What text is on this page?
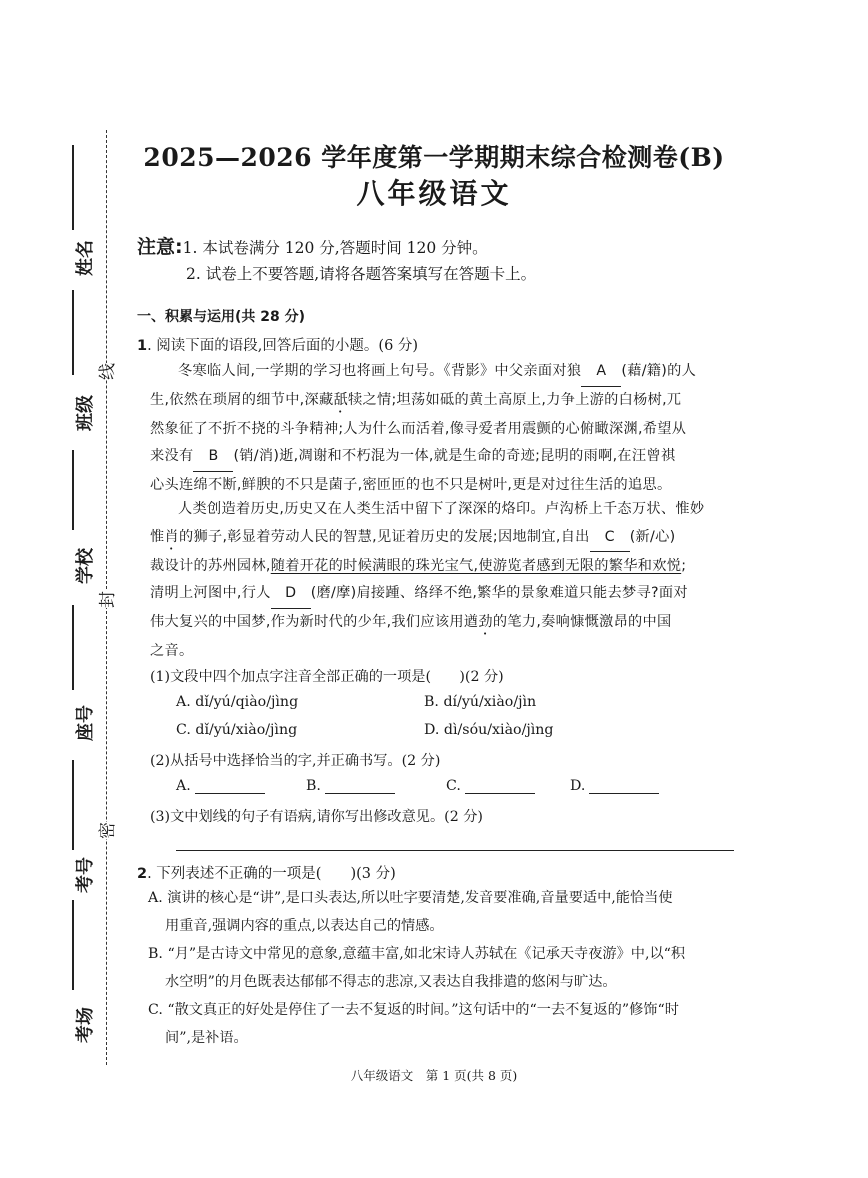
姓名
班级
学校
座号
考号
考场
线
封
密
2025—2026 学年度第一学期期末综合检测卷(B)
八年级语文
注意:1. 本试卷满分 120 分,答题时间 120 分钟。
2. 试卷上不要答题,请将各题答案填写在答题卡上。
一、积累与运用(共 28 分)
1. 阅读下面的语段,回答后面的小题。(6 分)
冬寒临人间,一学期的学习也将画上句号。《背影》中父亲面对狼 A (藉/籍)的人
生,依然在琐屑的细节中,深藏舐犊之情;坦荡如砥的黄土高原上,力争上游的白杨树,兀
然象征了不折不挠的斗争精神;人为什么而活着,像寻爱者用震颤的心俯瞰深渊,希望从
来没有 B (销/消)逝,凋谢和不朽混为一体,就是生命的奇迹;昆明的雨啊,在汪曾祺
心头连绵不断,鲜腴的不只是菌子,密匝匝的也不只是树叶,更是对过往生活的追思。
人类创造着历史,历史又在人类生活中留下了深深的烙印。卢沟桥上千态万状、惟妙
惟肖的狮子,彰显着劳动人民的智慧,见证着历史的发展;因地制宜,自出 C (新/心)
裁设计的苏州园林,随着开花的时候满眼的珠光宝气,使游览者感到无限的繁华和欢悦;
清明上河图中,行人 D (磨/摩)肩接踵、络绎不绝,繁华的景象难道只能去梦寻?面对
伟大复兴的中国梦,作为新时代的少年,我们应该用遒劲的笔力,奏响慷慨激昂的中国
之音。
(1)文段中四个加点字注音全部正确的一项是(　　)(2 分)
A. dǐ/yú/qiào/jìng	B. dí/yú/xiào/jìn
C. dǐ/yú/xiào/jìng	D. dì/sóu/xiào/jìng
(2)从括号中选择恰当的字,并正确书写。(2 分)
A.	B.	C.	D.
(3)文中划线的句子有语病,请你写出修改意见。(2 分)
2. 下列表述不正确的一项是(　　)(3 分)
A. 演讲的核心是“讲”,是口头表达,所以吐字要清楚,发音要准确,音量要适中,能恰当使
用重音,强调内容的重点,以表达自己的情感。
B. “月”是古诗文中常见的意象,意蕴丰富,如北宋诗人苏轼在《记承天寺夜游》中,以“积
水空明”的月色既表达郁郁不得志的悲凉,又表达自我排遣的悠闲与旷达。
C. “散文真正的好处是停住了一去不复返的时间。”这句话中的“一去不复返的”修饰“时
间”,是补语。
八年级语文　第 1 页(共 8 页)
